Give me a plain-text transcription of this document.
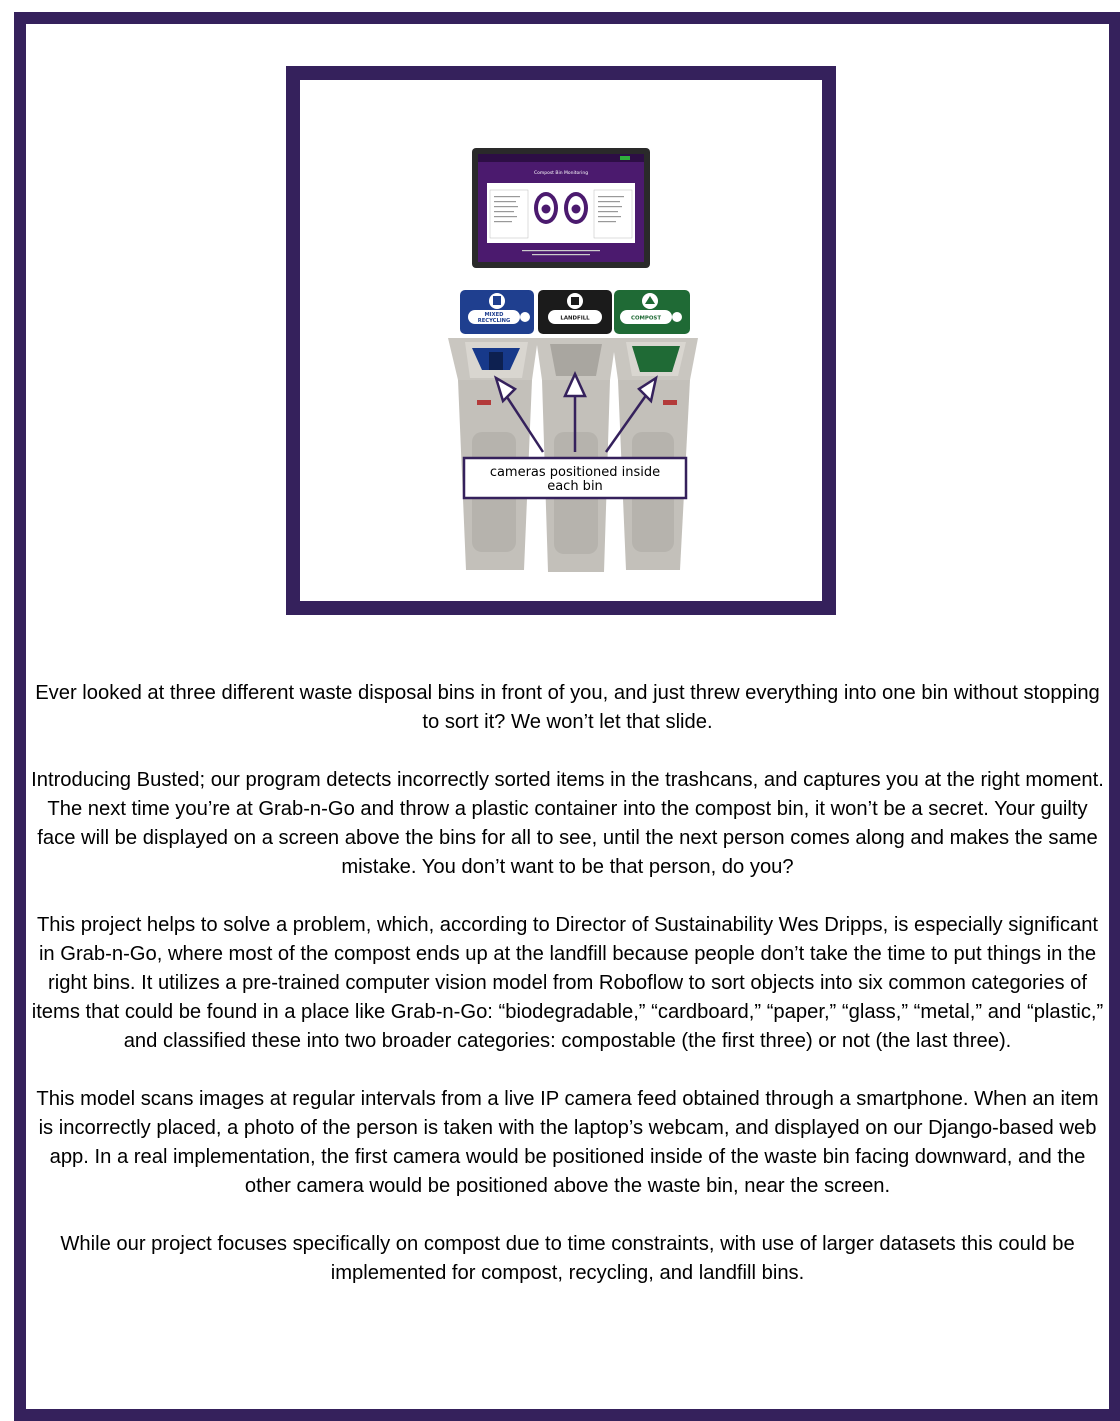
Compost Bin Monitoring
MIXED
RECYCLING	LANDFILL	COMPOST
cameras positioned inside
each bin

Ever looked at three different waste disposal bins in front of you, and just threw everything into one bin without stopping to sort it? We won’t let that slide.

Introducing Busted; our program detects incorrectly sorted items in the trashcans, and captures you at the right moment. The next time you’re at Grab-n-Go and throw a plastic container into the compost bin, it won’t be a secret. Your guilty face will be displayed on a screen above the bins for all to see, until the next person comes along and makes the same mistake. You don’t want to be that person, do you?

This project helps to solve a problem, which, according to Director of Sustainability Wes Dripps, is especially significant in Grab-n-Go, where most of the compost ends up at the landfill because people don’t take the time to put things in the right bins. It utilizes a pre-trained computer vision model from Roboflow to sort objects into six common categories of items that could be found in a place like Grab-n-Go: “biodegradable,” “cardboard,” “paper,” “glass,” “metal,” and “plastic,” and classified these into two broader categories: compostable (the first three) or not (the last three).

This model scans images at regular intervals from a live IP camera feed obtained through a smartphone. When an item is incorrectly placed, a photo of the person is taken with the laptop’s webcam, and displayed on our Django-based web app. In a real implementation, the first camera would be positioned inside of the waste bin facing downward, and the other camera would be positioned above the waste bin, near the screen.

While our project focuses specifically on compost due to time constraints, with use of larger datasets this could be implemented for compost, recycling, and landfill bins.
